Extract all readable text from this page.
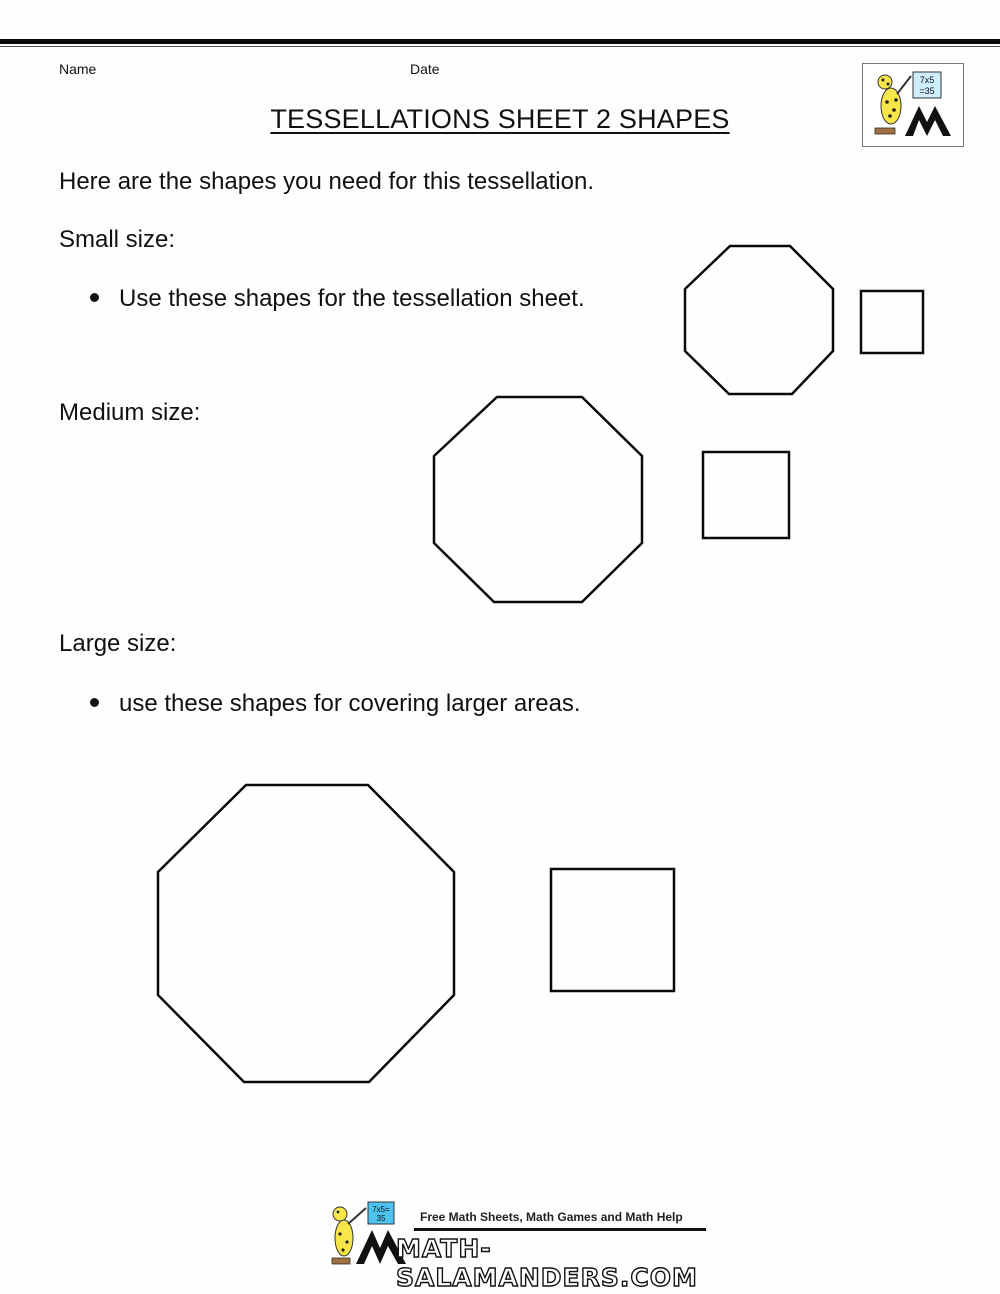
Name	Date
7x5
=35
TESSELLATIONS SHEET 2 SHAPES
Here are the shapes you need for this tessellation.
Small size:
Use these shapes for the tessellation sheet.
Medium size:
Large size:
use these shapes for covering larger areas.
7x5=
35	Free Math Sheets, Math Games and Math Help
MATH-SALAMANDERS.COM
